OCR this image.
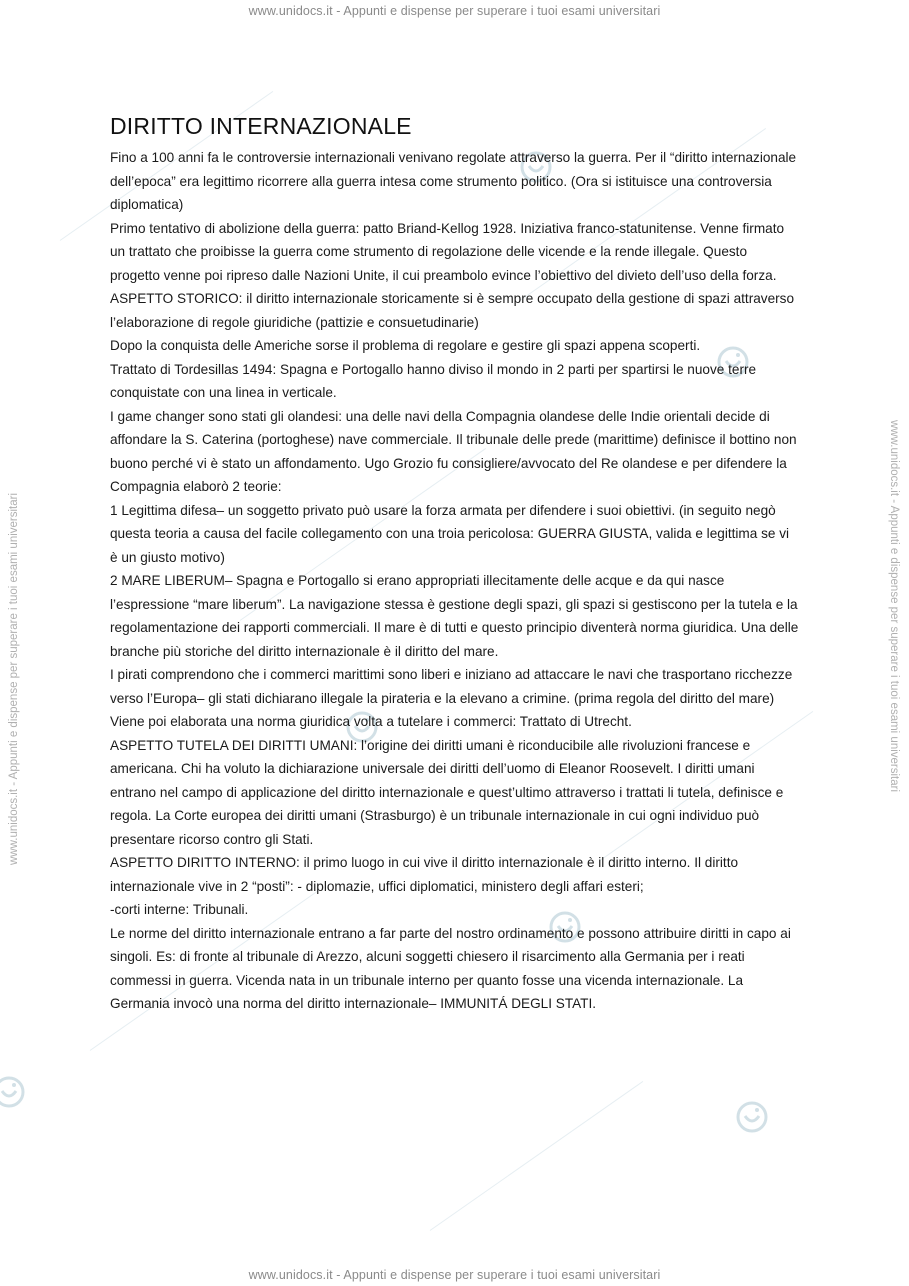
www.unidocs.it - Appunti e dispense per superare i tuoi esami universitari
www.unidocs.it - Appunti e dispense per superare i tuoi esami universitari
www.unidocs.it - Appunti e dispense per superare i tuoi esami universitari	www.unidocs.it - Appunti e dispense per superare i tuoi esami universitari
DIRITTO INTERNAZIONALE

Fino a 100 anni fa le controversie internazionali venivano regolate attraverso la guerra. Per il “diritto internazionale dell’epoca” era legittimo ricorrere alla guerra intesa come strumento politico. (Ora si istituisce una controversia diplomatica)

Primo tentativo di abolizione della guerra: patto Briand-Kellog 1928. Iniziativa franco-statunitense. Venne firmato un trattato che proibisse la guerra come strumento di regolazione delle vicende e la rende illegale. Questo progetto venne poi ripreso dalle Nazioni Unite, il cui preambolo evince l’obiettivo del divieto dell’uso della forza.

ASPETTO STORICO: il diritto internazionale storicamente si è sempre occupato della gestione di spazi attraverso l’elaborazione di regole giuridiche (pattizie e consuetudinarie)

Dopo la conquista delle Americhe sorse il problema di regolare e gestire gli spazi appena scoperti.

Trattato di Tordesillas 1494: Spagna e Portogallo hanno diviso il mondo in 2 parti per spartirsi le nuove terre conquistate con una linea in verticale.

I game changer sono stati gli olandesi: una delle navi della Compagnia olandese delle Indie orientali decide di affondare la S. Caterina (portoghese) nave commerciale. Il tribunale delle prede (marittime) definisce il bottino non buono perché vi è stato un affondamento. Ugo Grozio fu consigliere/avvocato del Re olandese e per difendere la Compagnia elaborò 2 teorie:

1 Legittima difesa– un soggetto privato può usare la forza armata per difendere i suoi obiettivi. (in seguito negò questa teoria a causa del facile collegamento con una troia pericolosa: GUERRA GIUSTA, valida e legittima se vi è un giusto motivo)

2 MARE LIBERUM– Spagna e Portogallo si erano appropriati illecitamente delle acque e da qui nasce l’espressione “mare liberum”. La navigazione stessa è gestione degli spazi, gli spazi si gestiscono per la tutela e la regolamentazione dei rapporti commerciali. Il mare è di tutti e questo principio diventerà norma giuridica. Una delle branche più storiche del diritto internazionale è il diritto del mare.

I pirati comprendono che i commerci marittimi sono liberi e iniziano ad attaccare le navi che trasportano ricchezze verso l’Europa– gli stati dichiarano illegale la pirateria e la elevano a crimine. (prima regola del diritto del mare) Viene poi elaborata una norma giuridica volta a tutelare i commerci: Trattato di Utrecht.

ASPETTO TUTELA DEI DIRITTI UMANI: l’origine dei diritti umani è riconducibile alle rivoluzioni francese e americana. Chi ha voluto la dichiarazione universale dei diritti dell’uomo di Eleanor Roosevelt. I diritti umani entrano nel campo di applicazione del diritto internazionale e quest’ultimo attraverso i trattati li tutela, definisce e regola. La Corte europea dei diritti umani (Strasburgo) è un tribunale internazionale in cui ogni individuo può presentare ricorso contro gli Stati.

ASPETTO DIRITTO INTERNO: il primo luogo in cui vive il diritto internazionale è il diritto interno. Il diritto internazionale vive in 2 “posti”: - diplomazie, uffici diplomatici, ministero degli affari esteri;

-corti interne: Tribunali.

Le norme del diritto internazionale entrano a far parte del nostro ordinamento e possono attribuire diritti in capo ai singoli. Es: di fronte al tribunale di Arezzo, alcuni soggetti chiesero il risarcimento alla Germania per i reati commessi in guerra. Vicenda nata in un tribunale interno per quanto fosse una vicenda internazionale. La Germania invocò una norma del diritto internazionale– IMMUNITÁ DEGLI STATI.
